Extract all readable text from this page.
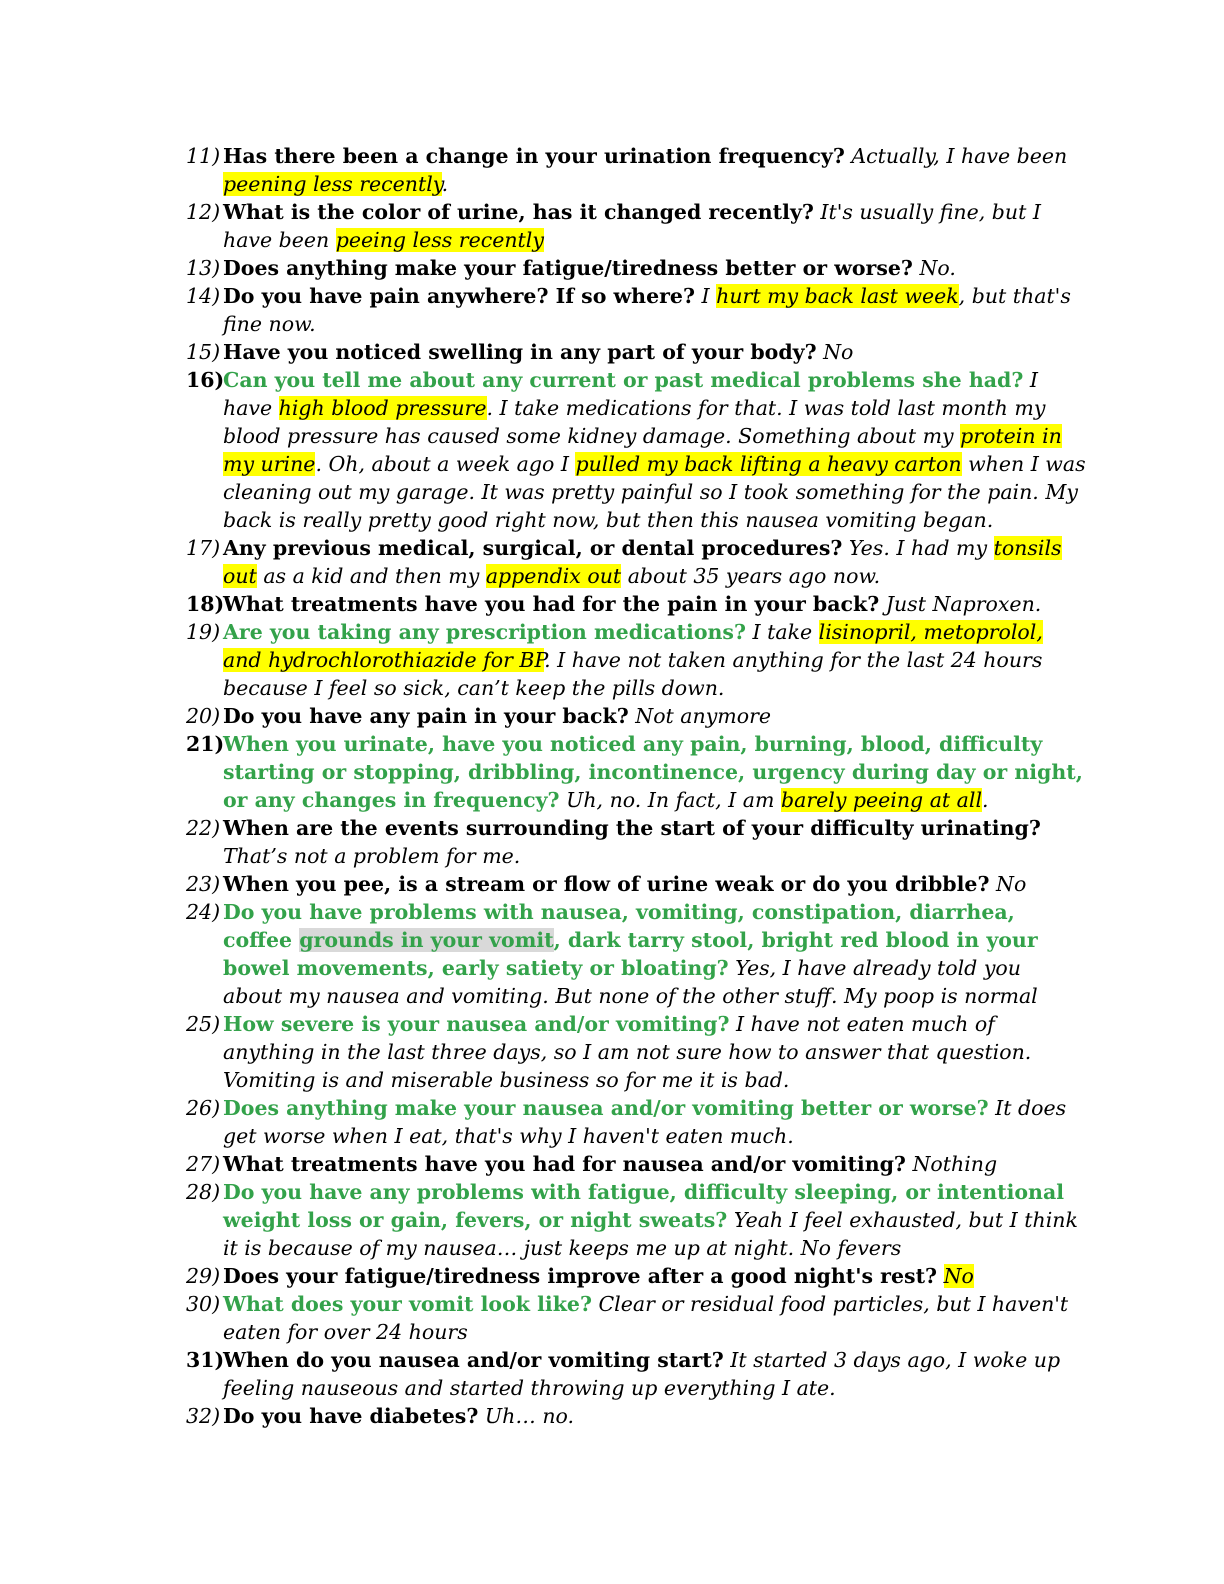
11) Has there been a change in your urination frequency? Actually, I have been peening less recently.
12) What is the color of urine, has it changed recently? It's usually fine, but I have been peeing less recently
13) Does anything make your fatigue/tiredness better or worse? No.
14) Do you have pain anywhere? If so where? I hurt my back last week, but that's fine now.
15) Have you noticed swelling in any part of your body? No
16)
Can you tell me about any current or past medical problems she had? I have high blood pressure. I take medications for that. I was told last month my blood pressure has caused some kidney damage. Something about my protein in my urine. Oh, about a week ago I pulled my back lifting a heavy carton when I was cleaning out my garage. It was pretty painful so I took something for the pain. My back is really pretty good right now, but then this nausea vomiting began.
17) Any previous medical, surgical, or dental procedures? Yes. I had my tonsils out as a kid and then my appendix out about 35 years ago now.
18)
What treatments have you had for the pain in your back? Just Naproxen.
19) Are you taking any prescription medications? I take lisinopril, metoprolol, and hydrochlorothiazide for BP. I have not taken anything for the last 24 hours because I feel so sick, can’t keep the pills down.
20) Do you have any pain in your back? Not anymore
21)
When you urinate, have you noticed any pain, burning, blood, difficulty starting or stopping, dribbling, incontinence, urgency during day or night, or any changes in frequency? Uh, no. In fact, I am barely peeing at all.
22) When are the events surrounding the start of your difficulty urinating? That’s not a problem for me.
23) When you pee, is a stream or flow of urine weak or do you dribble? No
24) Do you have problems with nausea, vomiting, constipation, diarrhea, coffee grounds in your vomit, dark tarry stool, bright red blood in your bowel movements, early satiety or bloating? Yes, I have already told you about my nausea and vomiting. But none of the other stuff. My poop is normal
25) How severe is your nausea and/or vomiting? I have not eaten much of anything in the last three days, so I am not sure how to answer that question. Vomiting is and miserable business so for me it is bad.
26) Does anything make your nausea and/or vomiting better or worse? It does get worse when I eat, that's why I haven't eaten much.
27) What treatments have you had for nausea and/or vomiting? Nothing
28) Do you have any problems with fatigue, difficulty sleeping, or intentional weight loss or gain, fevers, or night sweats? Yeah I feel exhausted, but I think it is because of my nausea… just keeps me up at night. No fevers
29) Does your fatigue/tiredness improve after a good night's rest? No
30) What does your vomit look like? Clear or residual food particles, but I haven't eaten for over 24 hours
31)
When do you nausea and/or vomiting start? It started 3 days ago, I woke up feeling nauseous and started throwing up everything I ate.
32) Do you have diabetes? Uh… no.
